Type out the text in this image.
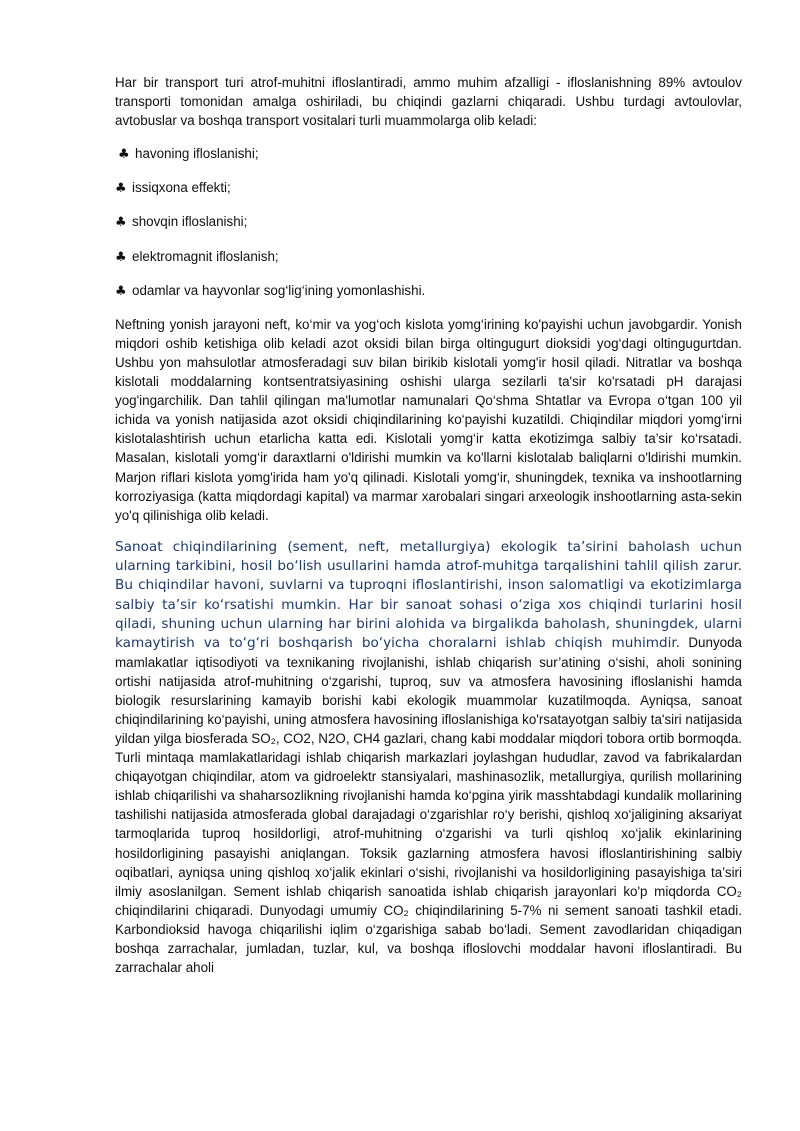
Har bir transport turi atrof-muhitni ifloslantiradi, ammo muhim afzalligi - ifloslanishning 89% avtoulov transporti tomonidan amalga oshiriladi, bu chiqindi gazlarni chiqaradi. Ushbu turdagi avtoulovlar, avtobuslar va boshqa transport vositalari turli muammolarga olib keladi:

♣ havoning ifloslanishi;
♣ issiqxona effekti;
♣ shovqin ifloslanishi;
♣ elektromagnit ifloslanish;
♣ odamlar va hayvonlar sog‘lig‘ining yomonlashishi.

Neftning yonish jarayoni neft, ko‘mir va yog‘och kislota yomg‘irining ko'payishi uchun javobgardir. Yonish miqdori oshib ketishiga olib keladi azot oksidi bilan birga oltingugurt dioksidi yog‘dagi oltingugurtdan. Ushbu yon mahsulotlar atmosferadagi suv bilan birikib kislotali yomg'ir hosil qiladi. Nitratlar va boshqa kislotali moddalarning kontsentratsiyasining oshishi ularga sezilarli ta'sir ko'rsatadi pH darajasi yog'ingarchilik. Dan tahlil qilingan ma'lumotlar namunalari Qo‘shma Shtatlar va Evropa o‘tgan 100 yil ichida va yonish natijasida azot oksidi chiqindilarining ko‘payishi kuzatildi. Chiqindilar miqdori yomg‘irni kislotalashtirish uchun etarlicha katta edi. Kislotali yomg‘ir katta ekotizimga salbiy ta’sir ko‘rsatadi. Masalan, kislotali yomg‘ir daraxtlarni o'ldirishi mumkin va ko'llarni kislotalab baliqlarni o'ldirishi mumkin. Marjon riflari kislota yomg'irida ham yo'q qilinadi. Kislotali yomg‘ir, shuningdek, texnika va inshootlarning korroziyasiga (katta miqdordagi kapital) va marmar xarobalari singari arxeologik inshootlarning asta-sekin yo'q qilinishiga olib keladi.

Sanoat chiqindilarining (sement, neft, metallurgiya) ekologik ta’sirini baholash uchun ularning tarkibini, hosil bo‘lish usullarini hamda atrof-muhitga tarqalishini tahlil qilish zarur. Bu chiqindilar havoni, suvlarni va tuproqni ifloslantirishi, inson salomatligi va ekotizimlarga salbiy ta’sir ko‘rsatishi mumkin. Har bir sanoat sohasi o‘ziga xos chiqindi turlarini hosil qiladi, shuning uchun ularning har birini alohida va birgalikda baholash, shuningdek, ularni kamaytirish va to‘g‘ri boshqarish bo‘yicha choralarni ishlab chiqish muhimdir. Dunyoda mamlakatlar iqtisodiyoti va texnikaning rivojlanishi, ishlab chiqarish sur’atining o‘sishi, aholi sonining ortishi natijasida atrof-muhitning o‘zgarishi, tuproq, suv va atmosfera havosining ifloslanishi hamda biologik resurslarining kamayib borishi kabi ekologik muammolar kuzatilmoqda. Ayniqsa, sanoat chiqindilarining ko‘payishi, uning atmosfera havosining ifloslanishiga ko'rsatayotgan salbiy ta'siri natijasida yildan yilga biosferada SO₂, CO2, N2O, CH4 gazlari, chang kabi moddalar miqdori tobora ortib bormoqda. Turli mintaqa mamlakatlaridagi ishlab chiqarish markazlari joylashgan hududlar, zavod va fabrikalardan chiqayotgan chiqindilar, atom va gidroelektr stansiyalari, mashinasozlik, metallurgiya, qurilish mollarining ishlab chiqarilishi va shaharsozlikning rivojlanishi hamda ko‘pgina yirik masshtabdagi kundalik mollarining tashilishi natijasida atmosferada global darajadagi o‘zgarishlar ro‘y berishi, qishloq xo‘jaligining aksariyat tarmoqlarida tuproq hosildorligi, atrof-muhitning o‘zgarishi va turli qishloq xo‘jalik ekinlarining hosildorligining pasayishi aniqlangan. Toksik gazlarning atmosfera havosi ifloslantirishining salbiy oqibatlari, ayniqsa uning qishloq xo‘jalik ekinlari o‘sishi, rivojlanishi va hosildorligining pasayishiga ta’siri ilmiy asoslanilgan. Sement ishlab chiqarish sanoatida ishlab chiqarish jarayonlari ko'p miqdorda CO₂ chiqindilarini chiqaradi. Dunyodagi umumiy CO₂ chiqindilarining 5-7% ni sement sanoati tashkil etadi. Karbondioksid havoga chiqarilishi iqlim o‘zgarishiga sabab bo‘ladi. Sement zavodlaridan chiqadigan boshqa zarrachalar, jumladan, tuzlar, kul, va boshqa ifloslovchi moddalar havoni ifloslantiradi. Bu zarrachalar aholi
